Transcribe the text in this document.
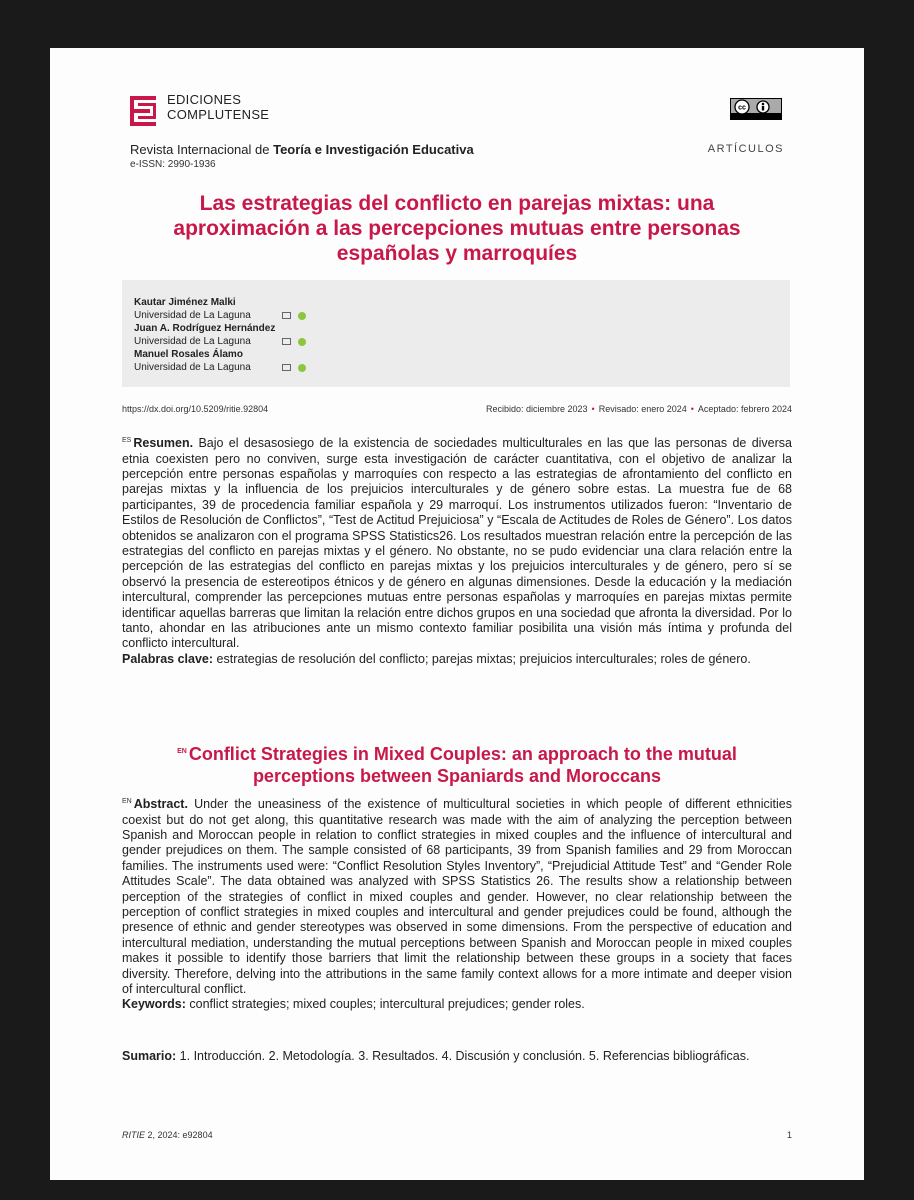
EDICIONES
COMPLUTENSE	cc
Revista Internacional de Teoría e Investigación Educativa
e-ISSN: 2990-1936
ARTÍCULOS
Las estrategias del conflicto en parejas mixtas: una aproximación a las percepciones mutuas entre personas españolas y marroquíes
Kautar Jiménez Malki
Universidad de La Laguna
Juan A. Rodríguez Hernández
Universidad de La Laguna
Manuel Rosales Álamo
Universidad de La Laguna
https://dx.doi.org/10.5209/ritie.92804	Recibido: diciembre 2023 • Revisado: enero 2024 • Aceptado: febrero 2024
$^{ES}$ Resumen. Bajo el desasosiego de la existencia de sociedades multiculturales en las que las personas de diversa etnia coexisten pero no conviven, surge esta investigación de carácter cuantitativa, con el objetivo de analizar la percepción entre personas españolas y marroquíes con respecto a las estrategias de afrontamiento del conflicto en parejas mixtas y la influencia de los prejuicios interculturales y de género sobre estas. La muestra fue de 68 participantes, 39 de procedencia familiar española y 29 marroquí. Los instrumentos utilizados fueron: “Inventario de Estilos de Resolución de Conflictos”, “Test de Actitud Prejuiciosa” y “Escala de Actitudes de Roles de Género”. Los datos obtenidos se analizaron con el programa SPSS Statistics26. Los resultados muestran relación entre la percepción de las estrategias del conflicto en parejas mixtas y el género. No obstante, no se pudo evidenciar una clara relación entre la percepción de las estrategias del conflicto en parejas mixtas y los prejuicios interculturales y de género, pero sí se observó la presencia de estereotipos étnicos y de género en algunas dimensiones. Desde la educación y la mediación intercultural, comprender las percepciones mutuas entre personas españolas y marroquíes en parejas mixtas permite identificar aquellas barreras que limitan la relación entre dichos grupos en una sociedad que afronta la diversidad. Por lo tanto, ahondar en las atribuciones ante un mismo contexto familiar posibilita una visión más íntima y profunda del conflicto intercultural.
Palabras clave: estrategias de resolución del conflicto; parejas mixtas; prejuicios interculturales; roles de género.
$^{EN}$ Conflict Strategies in Mixed Couples: an approach to the mutual perceptions between Spaniards and Moroccans
$^{EN}$ Abstract. Under the uneasiness of the existence of multicultural societies in which people of different ethnicities coexist but do not get along, this quantitative research was made with the aim of analyzing the perception between Spanish and Moroccan people in relation to conflict strategies in mixed couples and the influence of intercultural and gender prejudices on them. The sample consisted of 68 participants, 39 from Spanish families and 29 from Moroccan families. The instruments used were: “Conflict Resolution Styles Inventory”, “Prejudicial Attitude Test” and “Gender Role Attitudes Scale”. The data obtained was analyzed with SPSS Statistics 26. The results show a relationship between perception of the strategies of conflict in mixed couples and gender. However, no clear relationship between the perception of conflict strategies in mixed couples and intercultural and gender prejudices could be found, although the presence of ethnic and gender stereotypes was observed in some dimensions. From the perspective of education and intercultural mediation, understanding the mutual perceptions between Spanish and Moroccan people in mixed couples makes it possible to identify those barriers that limit the relationship between these groups in a society that faces diversity. Therefore, delving into the attributions in the same family context allows for a more intimate and deeper vision of intercultural conflict.
Keywords: conflict strategies; mixed couples; intercultural prejudices; gender roles.
Sumario: 1. Introducción. 2. Metodología. 3. Resultados. 4. Discusión y conclusión. 5. Referencias bibliográficas.
RITIE 2, 2024: e92804	1
